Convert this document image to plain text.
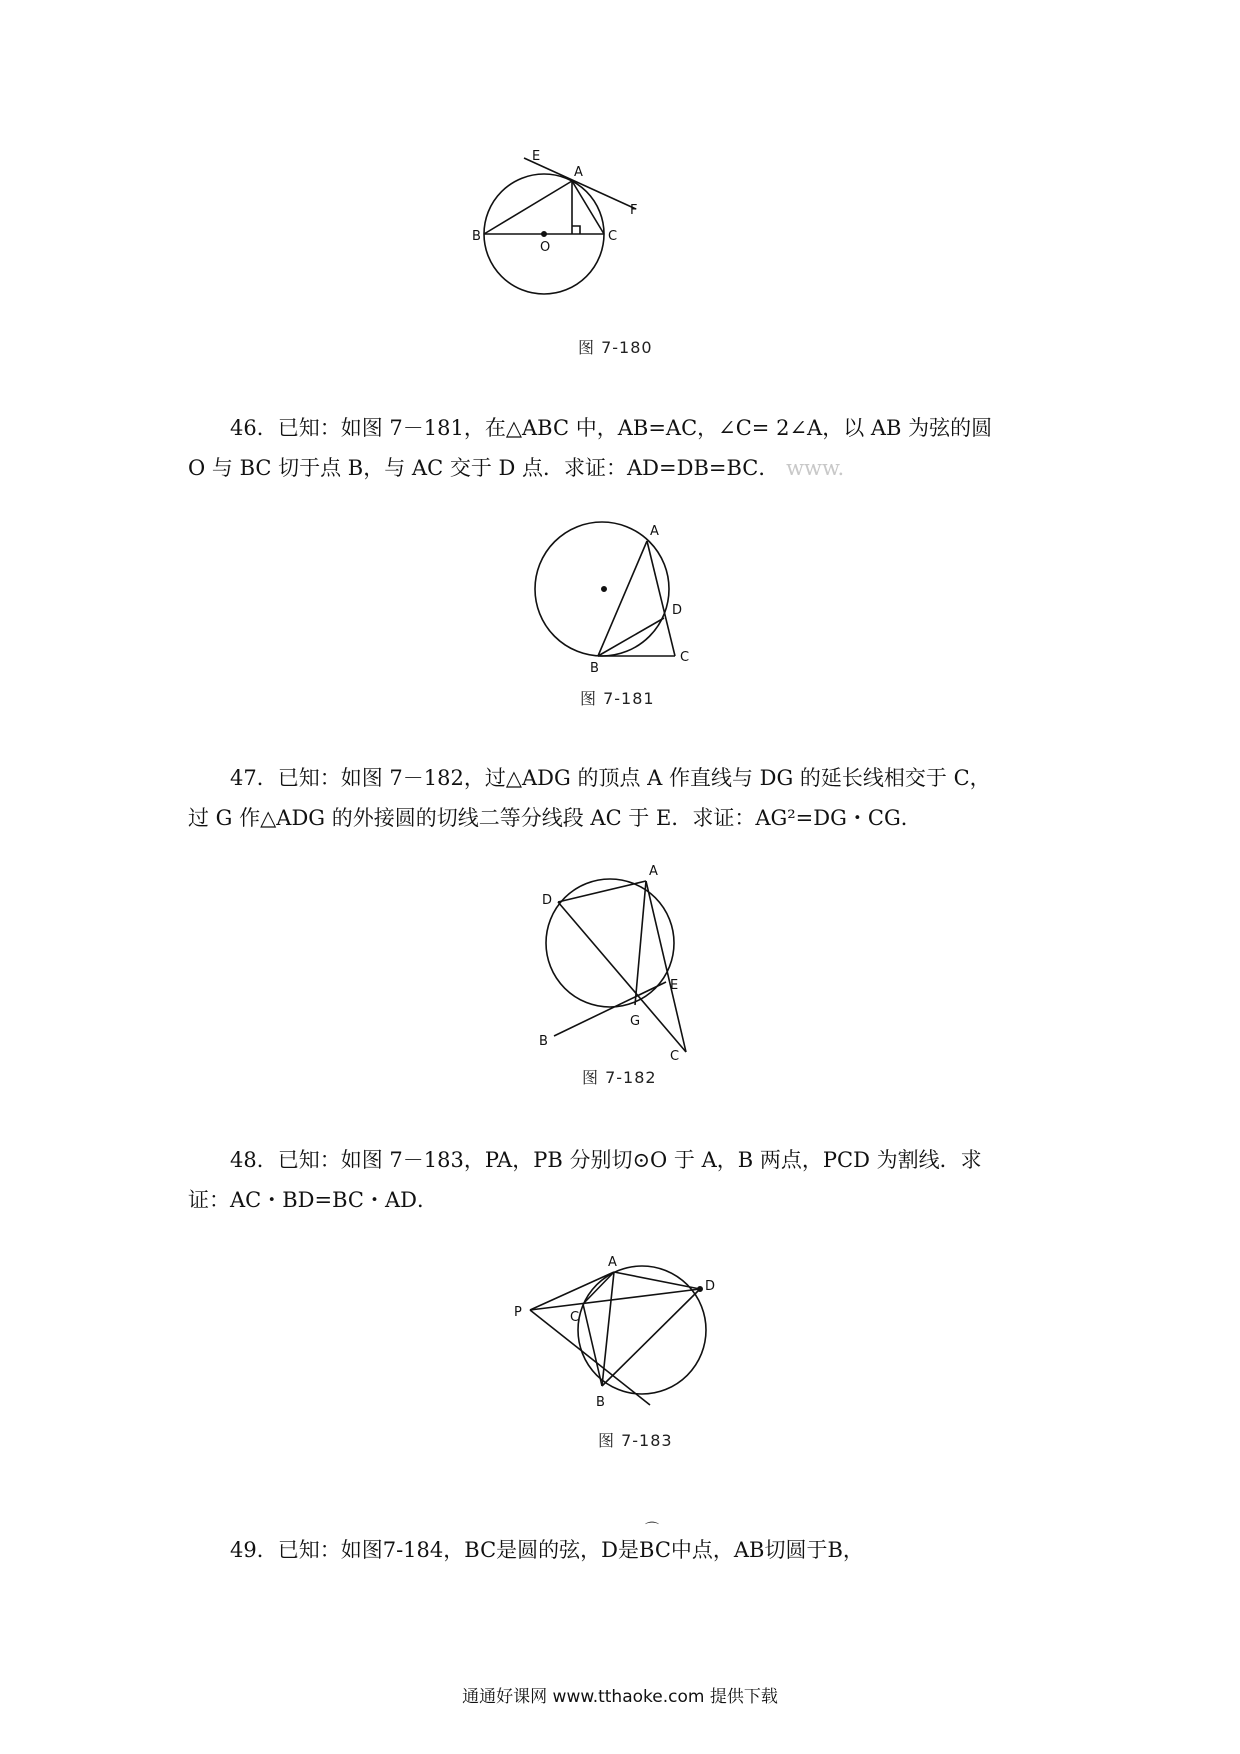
E
A
F
B
O
C
图 7-180

46．已知：如图 7－181，在△ABC 中，AB=AC，∠C= 2∠A，以 AB 为弦的圆
O 与 BC 切于点 B，与 AC 交于 D 点．求证：AD=DB=BC． www.

A
D
B
C
图 7-181

47．已知：如图 7－182，过△ADG 的顶点 A 作直线与 DG 的延长线相交于 C，
过 G 作△ADG 的外接圆的切线二等分线段 AC 于 E．求证：AG²=DG・CG．

A
D
E
G
B
C
图 7-182

48．已知：如图 7－183，PA，PB 分别切⊙O 于 A，B 两点，PCD 为割线．求
证：AC・BD=BC・AD．

A
D
P	C
B
图 7-183

49．已知：如图7-184，BC是圆的弦，D是⌒ BC中点，AB切圆于B，

通通好课网 www.tthaoke.com 提供下载
